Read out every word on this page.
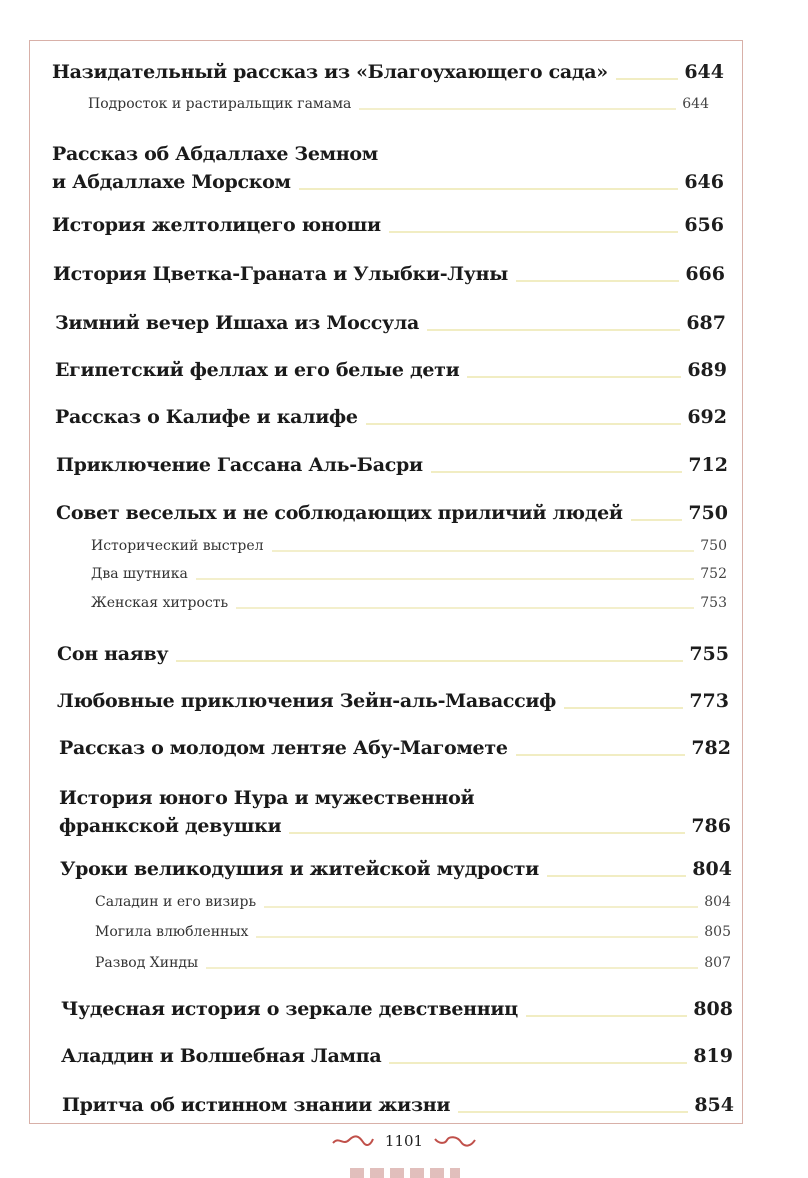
Назидательный рассказ из «Благоухающего сада»	644
Подросток и растиральщик гамама	644
Рассказ об Абдаллахе Земном
и Абдаллахе Морском	646
История желтолицего юноши	656
История Цветка-Граната и Улыбки-Луны	666
Зимний вечер Ишаха из Моссула	687
Египетский феллах и его белые дети	689
Рассказ о Калифе и калифе	692
Приключение Гассана Аль-Басри	712
Совет веселых и не соблюдающих приличий людей	750
Исторический выстрел	750
Два шутника	752
Женская хитрость	753
Сон наяву	755
Любовные приключения Зейн-аль-Мавассиф	773
Рассказ о молодом лентяе Абу-Магомете	782
История юного Нура и мужественной
франкской девушки	786
Уроки великодушия и житейской мудрости	804
Саладин и его визирь	804
Могила влюбленных	805
Развод Хинды	807
Чудесная история о зеркале девственниц	808
Аладдин и Волшебная Лампа	819
Притча об истинном знании жизни	854
1101
